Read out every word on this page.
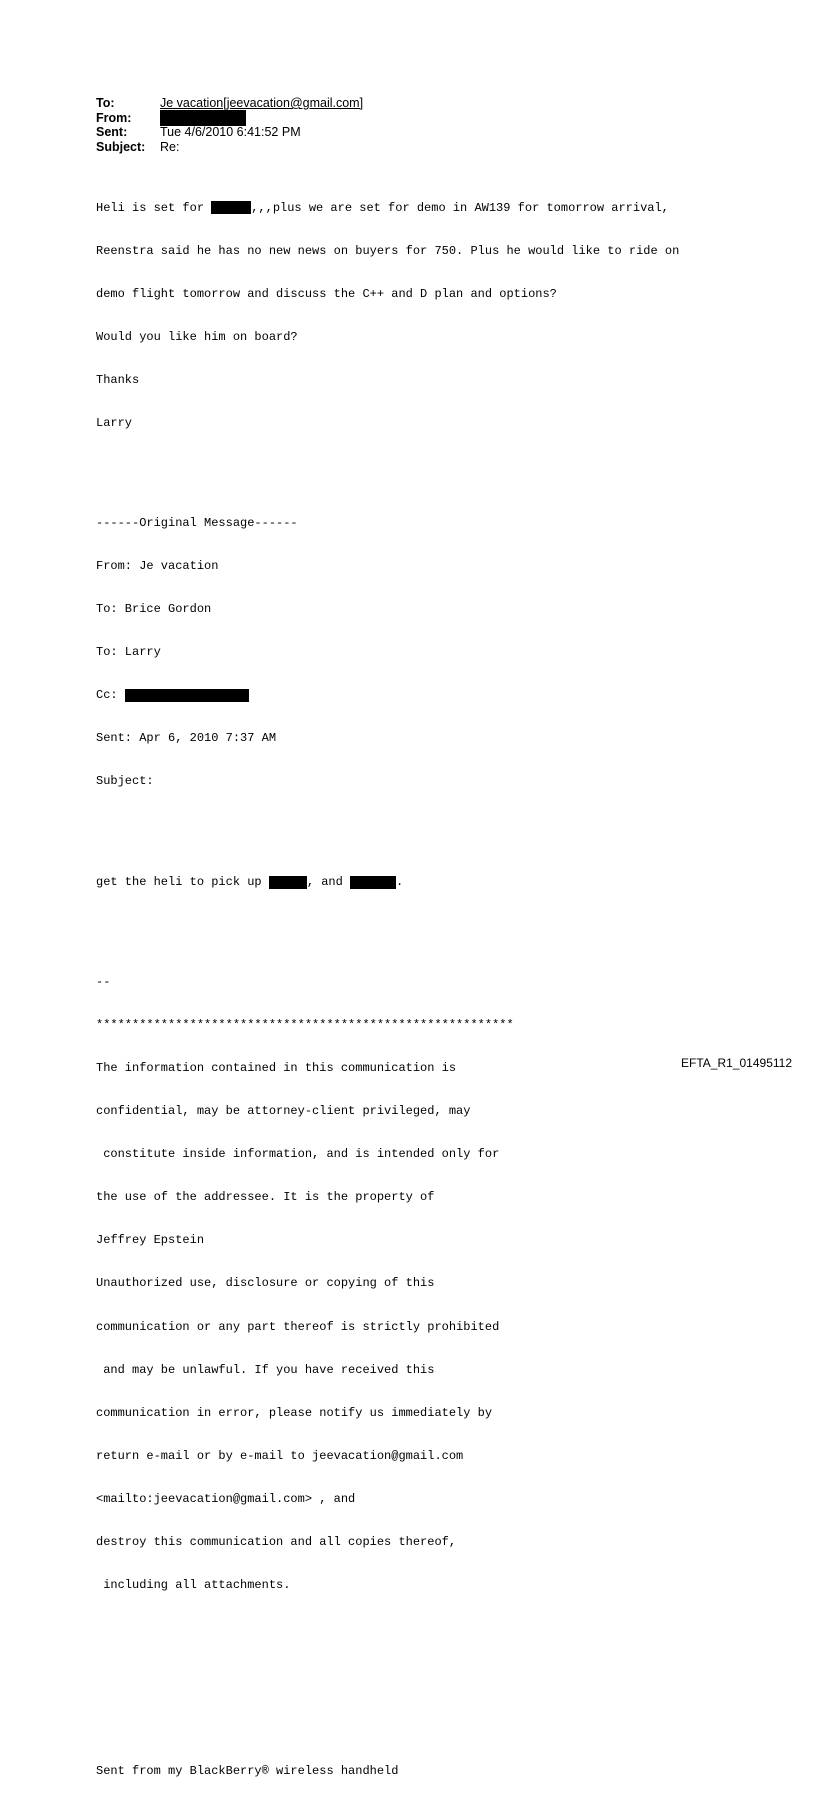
To:	Je vacation[jeevacation@gmail.com]
From:
Sent:	Tue 4/6/2010 6:41:52 PM
Subject:	Re:

Heli is set for	,,,plus we are set for demo in AW139 for tomorrow arrival,

Reenstra said he has no new news on buyers for 750. Plus he would like to ride on

demo flight tomorrow and discuss the C++ and D plan and options?

Would you like him on board?

Thanks

Larry

------Original Message------

From: Je vacation

To: Brice Gordon

To: Larry

Cc:

Sent: Apr 6, 2010 7:37 AM

Subject:

get the heli to pick up	, and	.

--

**********************************************************

The information contained in this communication is

confidential, may be attorney-client privileged, may

constitute inside information, and is intended only for

the use of the addressee. It is the property of

Jeffrey Epstein

Unauthorized use, disclosure or copying of this

communication or any part thereof is strictly prohibited

and may be unlawful. If you have received this

communication in error, please notify us immediately by

return e-mail or by e-mail to jeevacation@gmail.com

<mailto:jeevacation@gmail.com> , and

destroy this communication and all copies thereof,

including all attachments.

Sent from my BlackBerry® wireless handheld

EFTA_R1_01495112
